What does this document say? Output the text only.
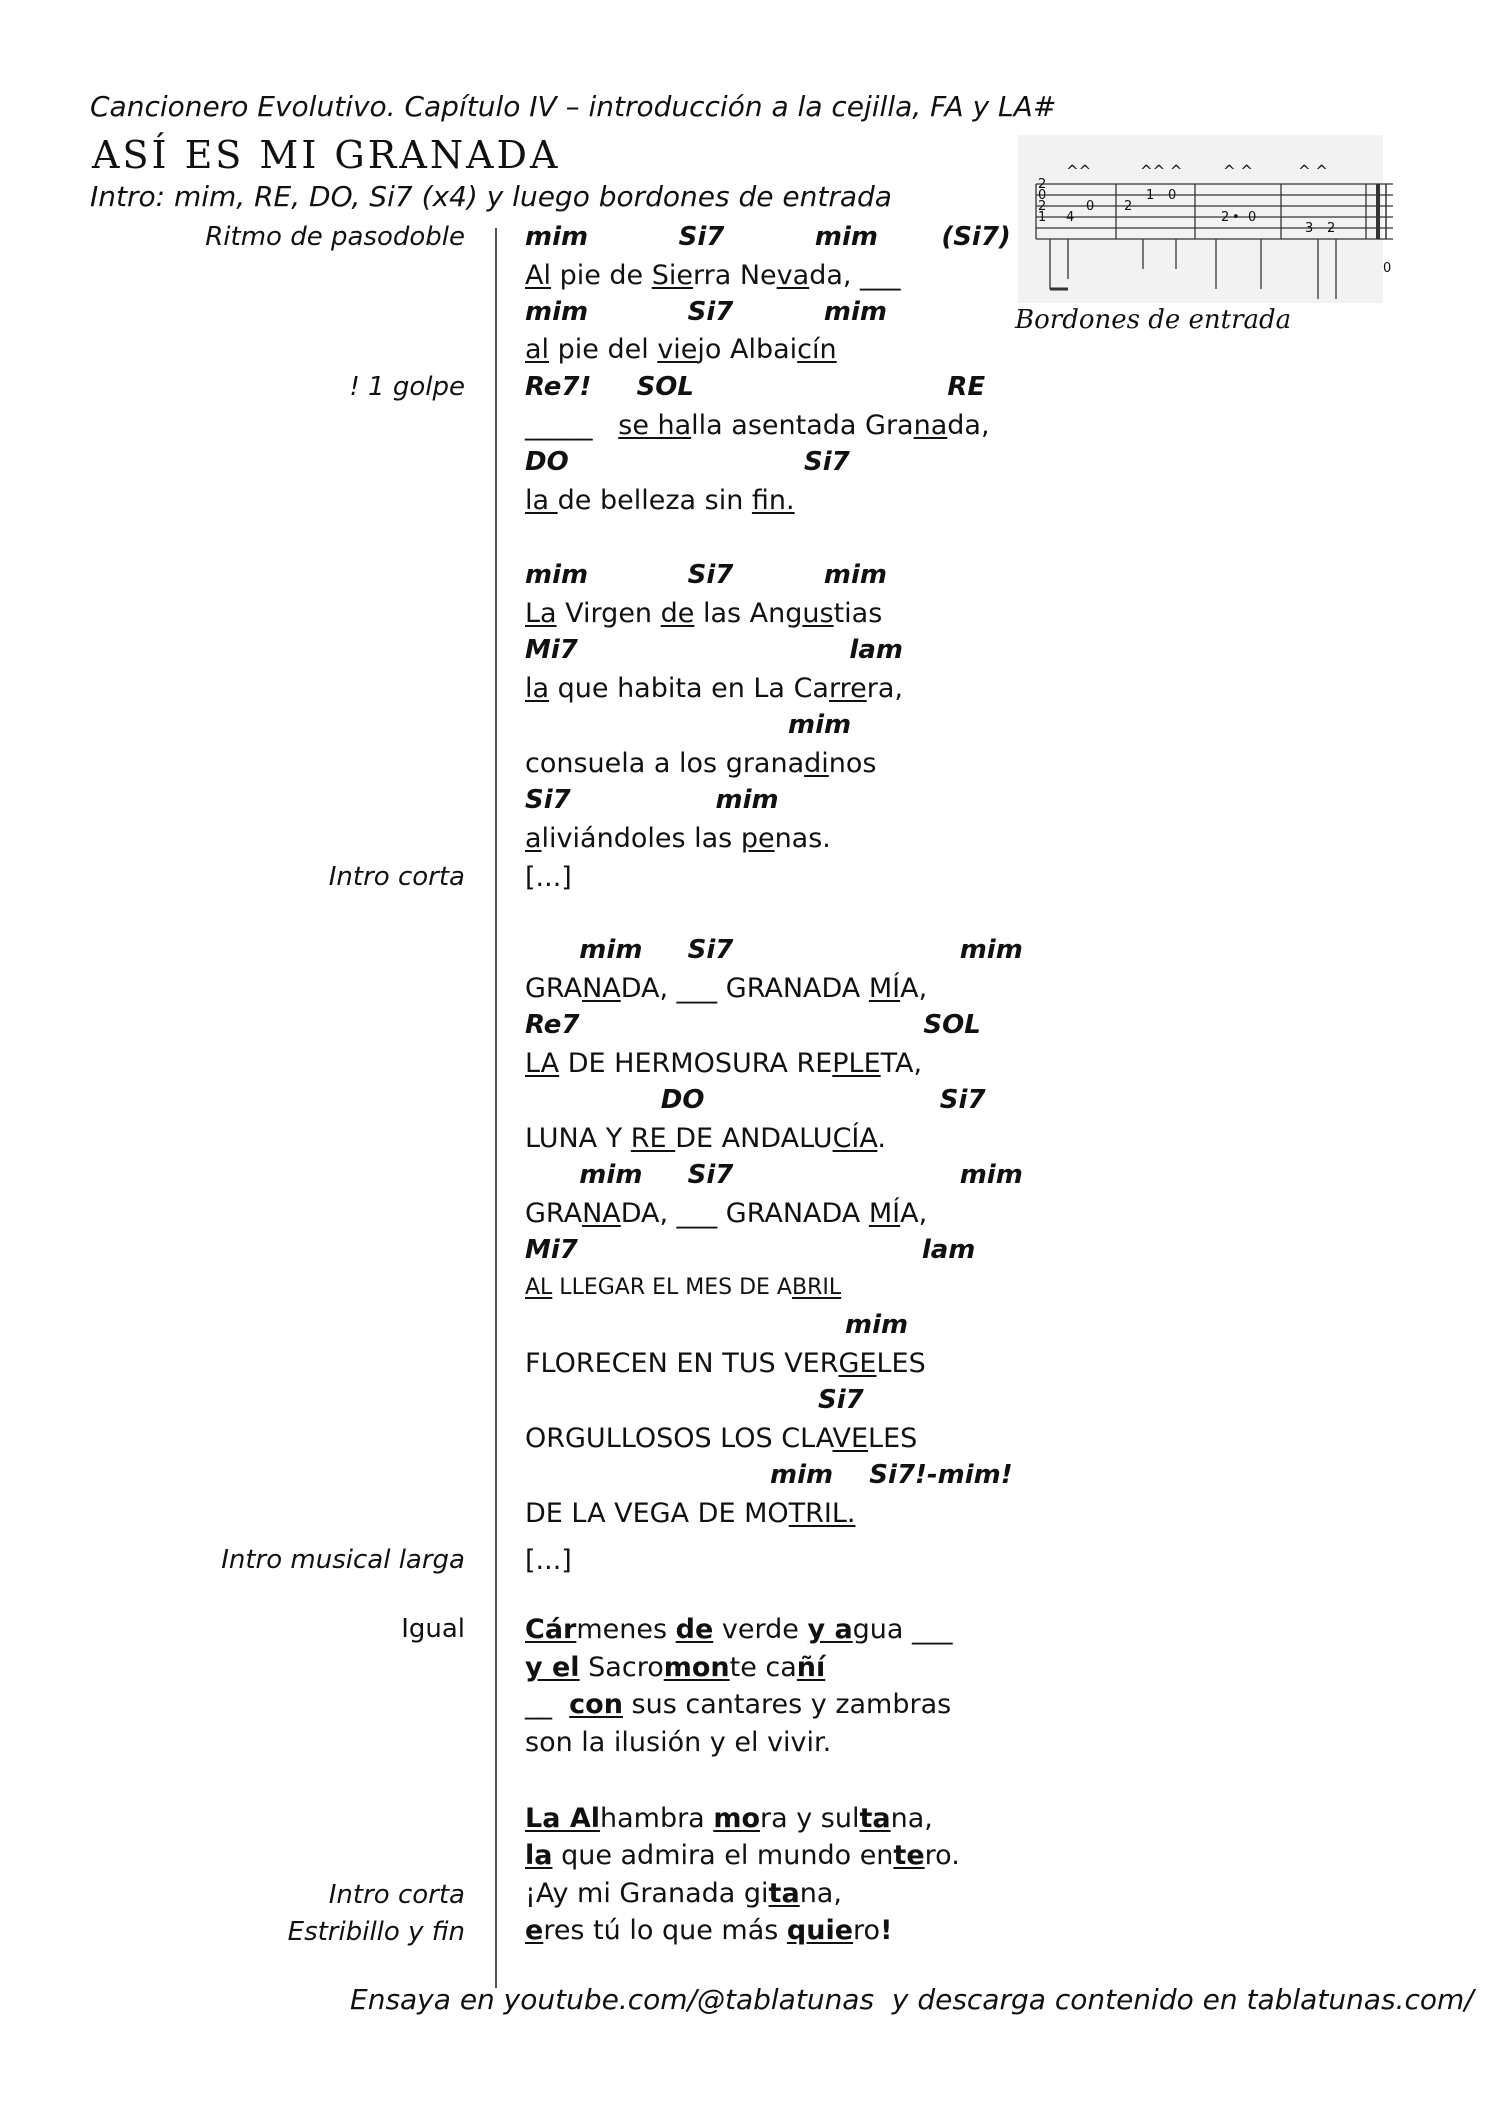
Cancionero Evolutivo. Capítulo IV – introducción a la cejilla, FA y LA#
ASÍ ES MI GRANADA
Intro: mim, RE, DO, Si7 (x4) y luego bordones de entrada

	2
0
2
1 4
0 2
1 0
2 • 0
3 2
0
^^	^^ ^	^ ^	^ ^

Bordones de entrada
Ritmo de pasodoble
! 1 golpe
Intro corta
Intro musical larga
Igual
Intro corta
Estribillo y fin
mim          Si7          mim       (Si7)
Al pie de Sierra Nevada, ___
mim           Si7          mim
al pie del viejo Albaicín
Re7!     SOL                            RE
_____   se halla asentada Granada,
DO                          Si7
la de belleza sin fin.
mim           Si7          mim
La Virgen de las Angustias
Mi7                              lam
la que habita en La Carrera,
mim
consuela a los granadinos
Si7                mim
aliviándoles las penas.
[...]
mim     Si7                         mim
GRANADA, ___ GRANADA MÍA,
Re7                                      SOL
LA DE HERMOSURA REPLETA,
DO                          Si7
LUNA Y RE DE ANDALUCÍA.
mim     Si7                         mim
GRANADA, ___ GRANADA MÍA,
Mi7                                      lam
AL LLEGAR EL MES DE ABRIL
mim
FLORECEN EN TUS VERGELES
Si7
ORGULLOSOS LOS CLAVELES
mim    Si7!-mim!
DE LA VEGA DE MOTRIL.
[...]
Cármenes de verde y agua ___
y el Sacromonte cañí
__  con sus cantares y zambras
son la ilusión y el vivir.
La Alhambra mora y sultana,
la que admira el mundo entero.
¡Ay mi Granada gitana,
eres tú lo que más quiero!
Ensaya en youtube.com/@tablatunas  y descarga contenido en tablatunas.com/
